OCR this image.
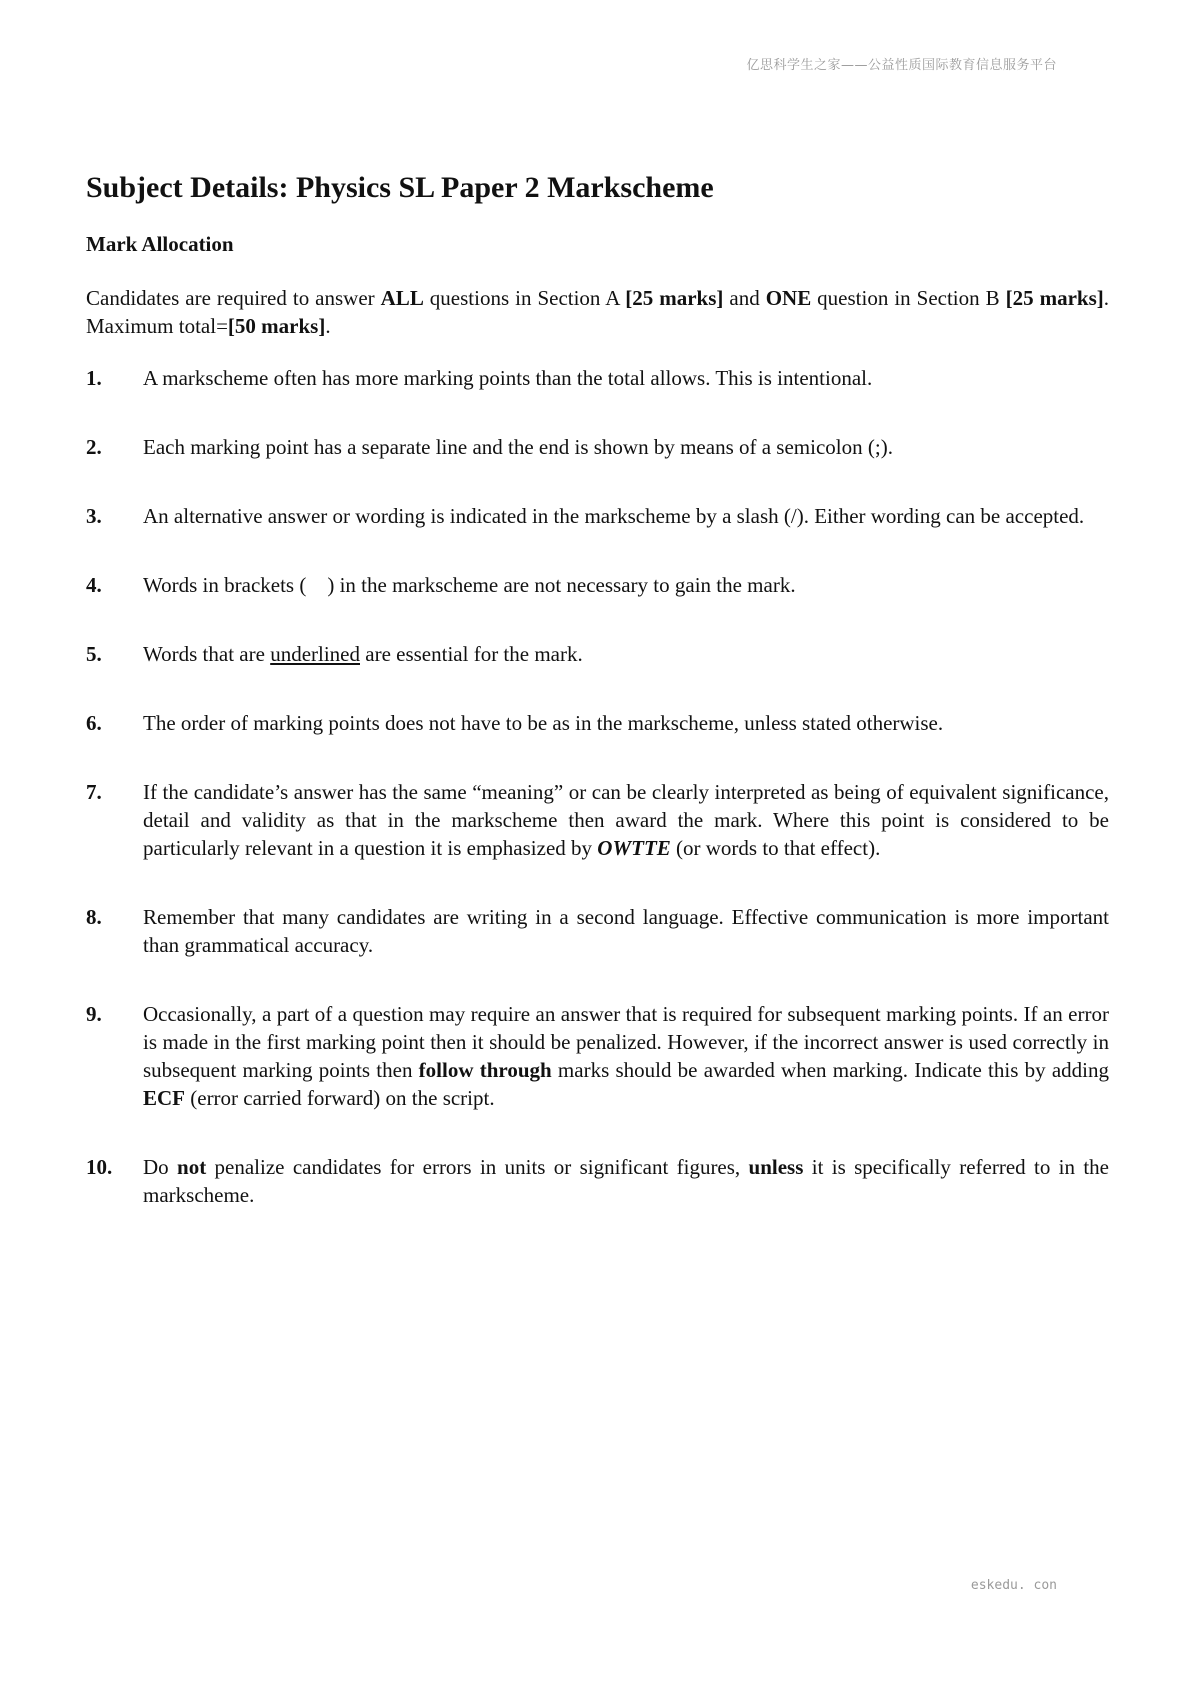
亿思科学生之家——公益性质国际教育信息服务平台
Subject Details: Physics SL Paper 2 Markscheme
Mark Allocation

Candidates are required to answer ALL questions in Section A [25 marks] and ONE question in Section B [25 marks]. Maximum total=[50 marks].

1.	A markscheme often has more marking points than the total allows. This is intentional.
2.	Each marking point has a separate line and the end is shown by means of a semicolon (;).
3.	An alternative answer or wording is indicated in the markscheme by a slash (/). Either wording can be accepted.
4.	Words in brackets (    ) in the markscheme are not necessary to gain the mark.
5.	Words that are underlined are essential for the mark.
6.	The order of marking points does not have to be as in the markscheme, unless stated otherwise.
7.	If the candidate’s answer has the same “meaning” or can be clearly interpreted as being of equivalent significance, detail and validity as that in the markscheme then award the mark. Where this point is considered to be particularly relevant in a question it is emphasized by OWTTE (or words to that effect).
8.	Remember that many candidates are writing in a second language. Effective communication is more important than grammatical accuracy.
9.	Occasionally, a part of a question may require an answer that is required for subsequent marking points. If an error is made in the first marking point then it should be penalized. However, if the incorrect answer is used correctly in subsequent marking points then follow through marks should be awarded when marking. Indicate this by adding ECF (error carried forward) on the script.
10.	Do not penalize candidates for errors in units or significant figures, unless it is specifically referred to in the markscheme.
eskedu. con
